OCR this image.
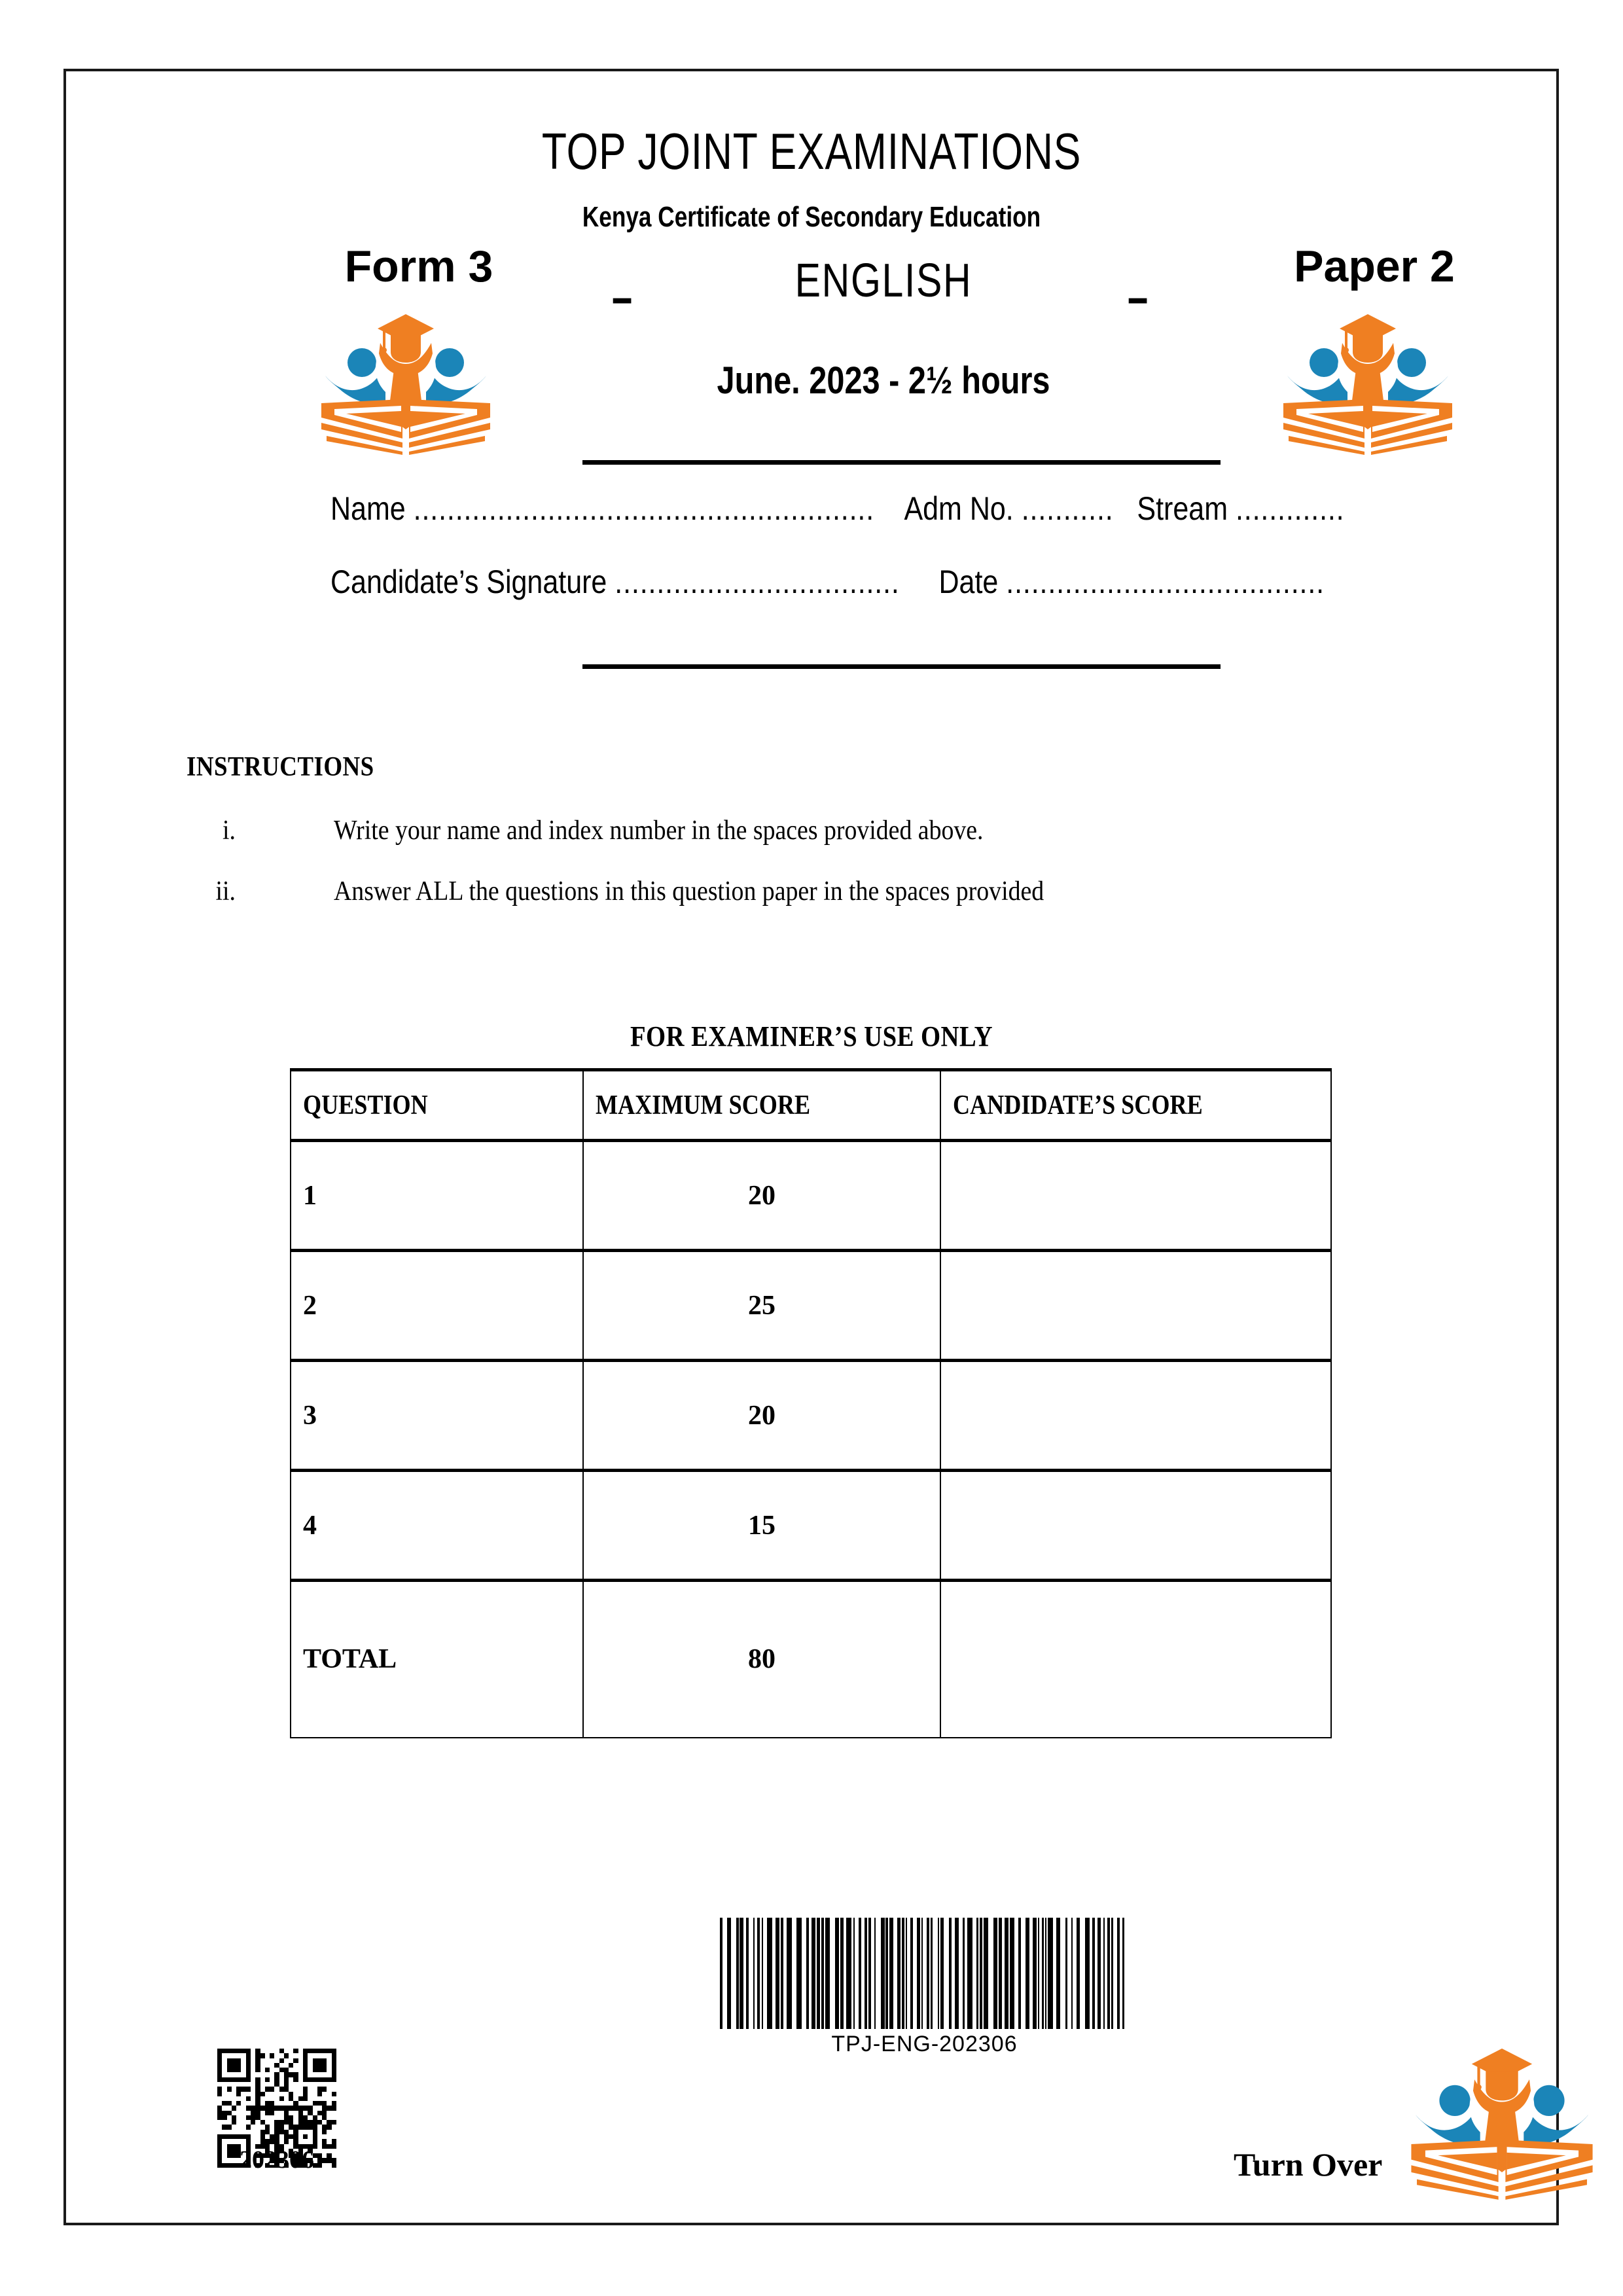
TOP JOINT EXAMINATIONS
Kenya Certificate of Secondary Education
Form 3
–	ENGLISH	–
Paper 2
June. 2023 - 2½ hours
Name ....................................................... Adm No. ........... Stream .............
Candidate’s Signature .................................. Date ......................................
INSTRUCTIONS
i.	Write your name and index number in the spaces provided above.
ii.	Answer ALL the questions in this question paper in the spaces provided
FOR EXAMINER’S USE ONLY
QUESTION	MAXIMUM SCORE	CANDIDATE’S SCORE
1	20	
2	25	
3	20	
4	15	
TOTAL	80	
TPJ-ENG-202306
202306	Turn Over
